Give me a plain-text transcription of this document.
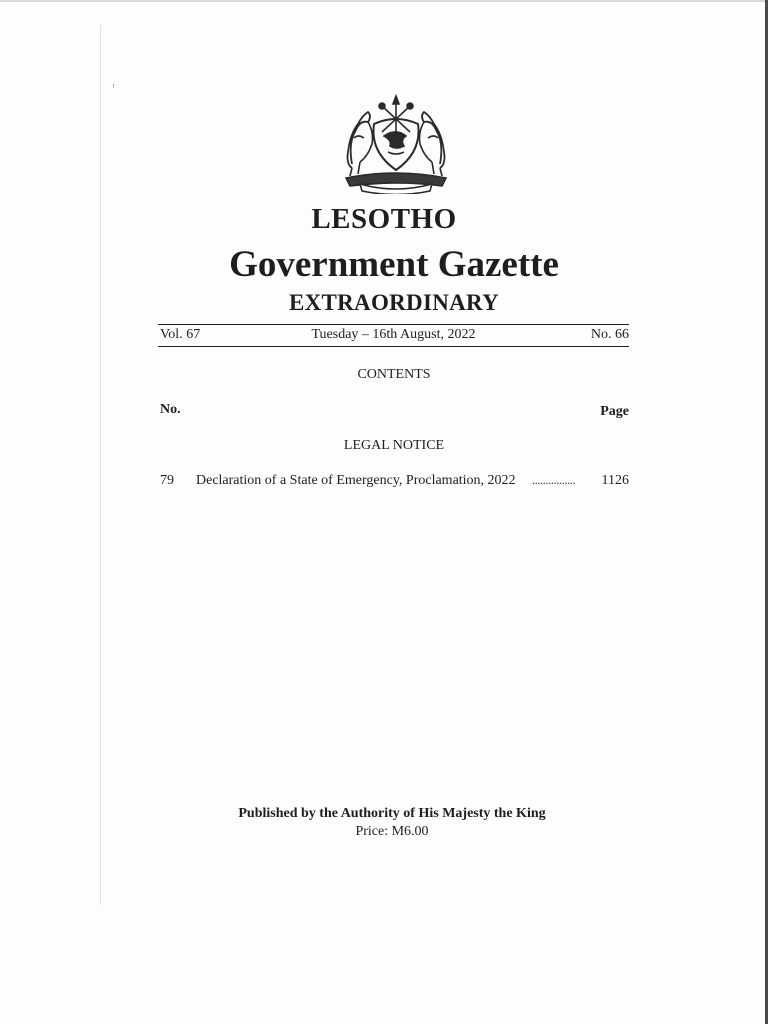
ꜝ
LESOTHO
Government Gazette
EXTRAORDINARY
Vol. 67	Tuesday – 16th August, 2022	No. 66
CONTENTS
No.	Page
LEGAL NOTICE
79 Declaration of a State of Emergency, Proclamation, 2022 ................ 1126
Published by the Authority of His Majesty the King
Price: M6.00
